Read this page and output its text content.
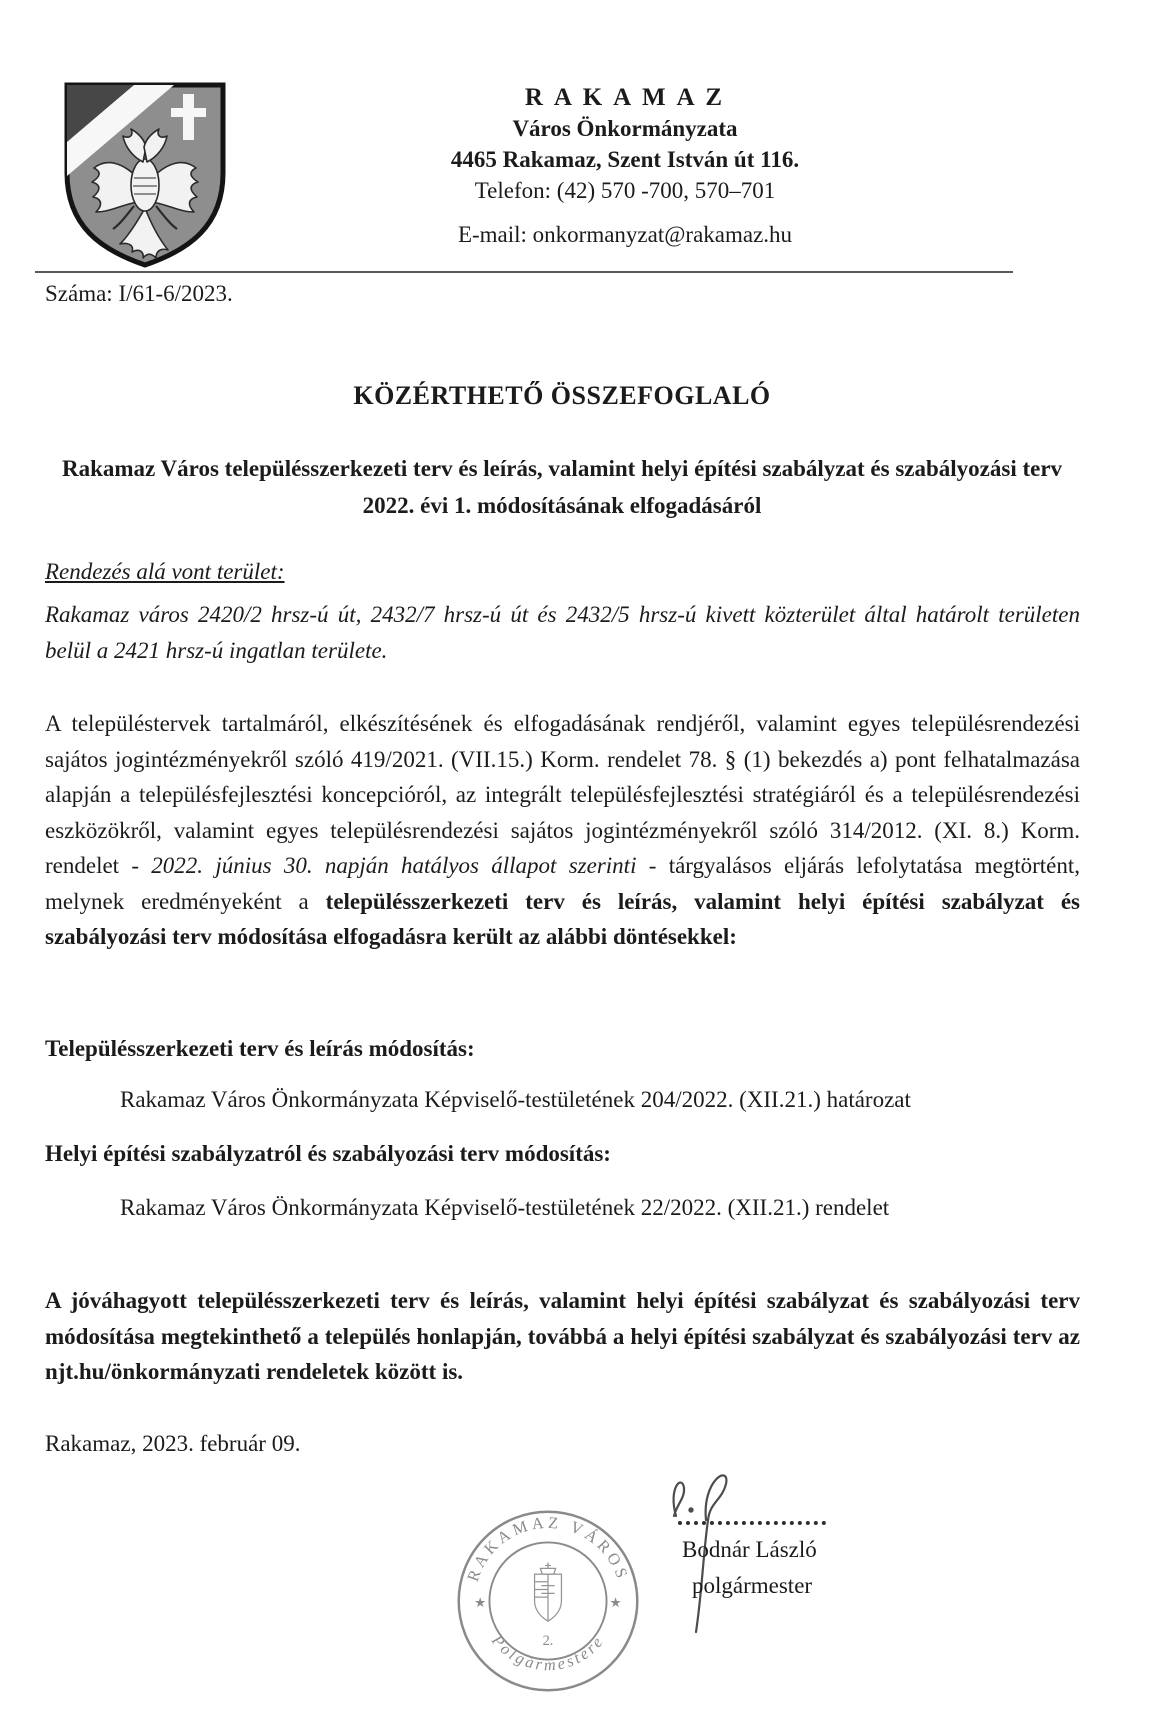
R A K A M A Z
Város Önkormányzata
4465 Rakamaz, Szent István út 116.
Telefon: (42) 570 -700, 570–701
E-mail: onkormanyzat@rakamaz.hu
Száma: I/61-6/2023.
KÖZÉRTHETŐ ÖSSZEFOGLALÓ
Rakamaz Város településszerkezeti terv és leírás, valamint helyi építési szabályzat és szabályozási terv 2022. évi 1. módosításának elfogadásáról
Rendezés alá vont terület:
Rakamaz város 2420/2 hrsz-ú út, 2432/7 hrsz-ú út és 2432/5 hrsz-ú kivett közterület által határolt területen belül a 2421 hrsz-ú ingatlan területe.

A településtervek tartalmáról, elkészítésének és elfogadásának rendjéről, valamint egyes településrendezési sajátos jogintézményekről szóló 419/2021. (VII.15.) Korm. rendelet 78. § (1) bekezdés a) pont felhatalmazása alapján a településfejlesztési koncepcióról, az integrált településfejlesztési stratégiáról és a településrendezési eszközökről, valamint egyes településrendezési sajátos jogintézményekről szóló 314/2012. (XI. 8.) Korm. rendelet - 2022. június 30. napján hatályos állapot szerinti - tárgyalásos eljárás lefolytatása megtörtént, melynek eredményeként a településszerkezeti terv és leírás, valamint helyi építési szabályzat és szabályozási terv módosítása elfogadásra került az alábbi döntésekkel:

Településszerkezeti terv és leírás módosítás:
Rakamaz Város Önkormányzata Képviselő-testületének 204/2022. (XII.21.) határozat
Helyi építési szabályzatról és szabályozási terv módosítás:
Rakamaz Város Önkormányzata Képviselő-testületének 22/2022. (XII.21.) rendelet

A jóváhagyott településszerkezeti terv és leírás, valamint helyi építési szabályzat és szabályozási terv módosítása megtekinthető a település honlapján, továbbá a helyi építési szabályzat és szabályozási terv az njt.hu/önkormányzati rendeletek között is.

Rakamaz, 2023. február 09.
RAKAMAZ VÁROS
Polgármestere
★	★
2.
Bodnár László
polgármester
